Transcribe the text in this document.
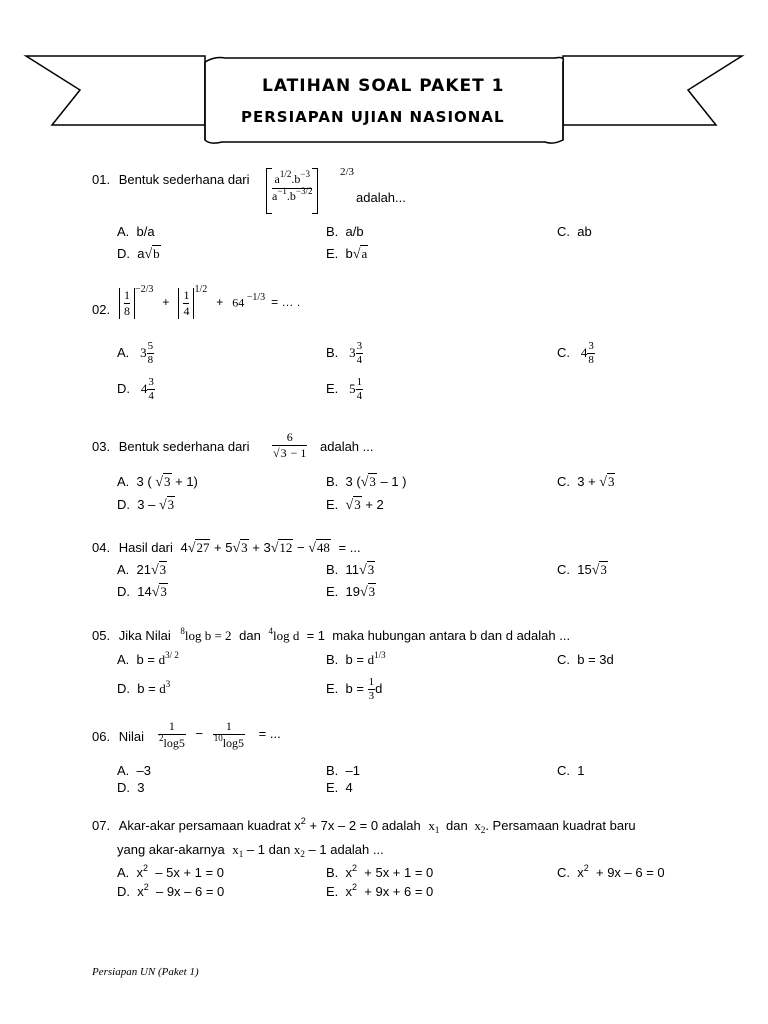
LATIHAN SOAL PAKET 1
PERSIAPAN UJIAN NASIONAL
01. Bentuk sederhana dari $a^{1/2}.b^{-3}$
$a^{-1}.b^{-3/2}$
2/3
adalah...
A.  b/a	B.  a/b	C.  ab
D.  a√b	E.  b√a
02. $\frac{1}{8} ^{-2/3} + \frac{1}{4} ^{1/2} + 64$ $^{-1/3}$ = … .
A.   $3 \frac{5}{8}$	B.   $3 \frac{3}{4}$	C.   $4 \frac{3}{8}$
D.   $4 \frac{3}{4}$	E.   $5 \frac{1}{4}$
03. Bentuk sederhana dari $\frac{6}{√3 - 1}$ adalah ...
A.  3 ( √3 + 1)	B.  3 (√3 – 1 )	C.  3 + √3
D.  3 – √3	E.  √3 + 2
04. Hasil dari 4√27 + 5√3 + 3√12 − √48 = ...
A.  21√3	B.  11√3	C.  15√3
D.  14√3	E.  19√3
05. Jika Nilai $^8$log b = 2 dan $^4$log d  = 1  maka hubungan antara b dan d adalah ...
A.  $b = d^{3/ 2}$	B.  $b = d^{1/3}$	C.  b = 3d
D.  $b = d^3$	E.  $b = \frac{1}{3}$ d
06. Nilai $\frac{1}{^2\log 5} - \frac{1}{^{10}\log 5}$ = ...
A.  –3	B.  –1	C.  1
D.  3	E.  4
07. Akar-akar persamaan kuadrat $x^2 + 7x - 2 = 0$ adalah $x_1$ dan $x_2$. Persamaan kuadrat baru
yang akar-akarnya $x_1 - 1$ dan $x_2 - 1$ adalah ...
A.  $x^2 - 5x + 1 = 0$	B.  $x^2 + 5x + 1 = 0$	C.  $x^2 + 9x - 6 = 0$
D.  $x^2 - 9x - 6 = 0$	E.  $x^2 + 9x + 6 = 0$
Persiapan UN (Paket 1)
